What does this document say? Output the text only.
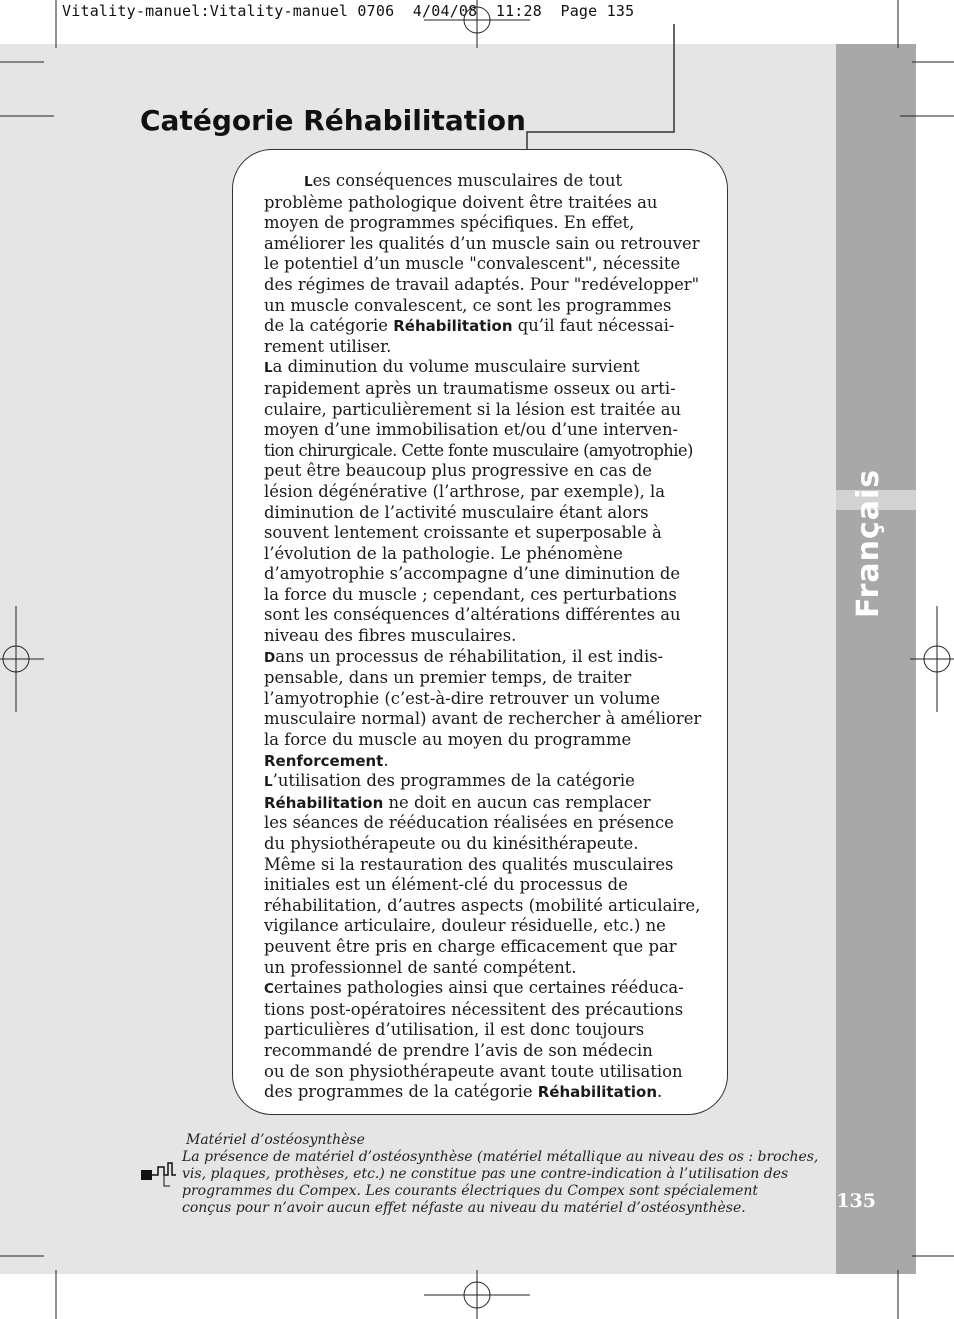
Vitality-manuel:Vitality-manuel 0706  4/04/08  11:28  Page 135
Français
135
Catégorie Réhabilitation
Les conséquences musculaires de tout
problème pathologique doivent être traitées au
moyen de programmes spécifiques. En effet,
améliorer les qualités d’un muscle sain ou retrouver
le potentiel d’un muscle "convalescent", nécessite
des régimes de travail adaptés. Pour "redévelopper"
un muscle convalescent, ce sont les programmes
de la catégorie Réhabilitation qu’il faut nécessai-
rement utiliser.
La diminution du volume musculaire survient
rapidement après un traumatisme osseux ou arti-
culaire, particulièrement si la lésion est traitée au
moyen d’une immobilisation et/ou d’une interven-
tion chirurgicale. Cette fonte musculaire (amyotrophie)
peut être beaucoup plus progressive en cas de
lésion dégénérative (l’arthrose, par exemple), la
diminution de l’activité musculaire étant alors
souvent lentement croissante et superposable à
l’évolution de la pathologie. Le phénomène
d’amyotrophie s’accompagne d’une diminution de
la force du muscle ; cependant, ces perturbations
sont les conséquences d’altérations différentes au
niveau des fibres musculaires.
Dans un processus de réhabilitation, il est indis-
pensable, dans un premier temps, de traiter
l’amyotrophie (c’est-à-dire retrouver un volume
musculaire normal) avant de rechercher à améliorer
la force du muscle au moyen du programme
Renforcement.
L’utilisation des programmes de la catégorie
Réhabilitation ne doit en aucun cas remplacer
les séances de rééducation réalisées en présence
du physiothérapeute ou du kinésithérapeute.
Même si la restauration des qualités musculaires
initiales est un élément-clé du processus de
réhabilitation, d’autres aspects (mobilité articulaire,
vigilance articulaire, douleur résiduelle, etc.) ne
peuvent être pris en charge efficacement que par
un professionnel de santé compétent.
Certaines pathologies ainsi que certaines rééduca-
tions post-opératoires nécessitent des précautions
particulières d’utilisation, il est donc toujours
recommandé de prendre l’avis de son médecin
ou de son physiothérapeute avant toute utilisation
des programmes de la catégorie Réhabilitation.
Matériel d’ostéosynthèse
La présence de matériel d’ostéosynthèse (matériel métallique au niveau des os : broches,
vis, plaques, prothèses, etc.) ne constitue pas une contre-indication à l’utilisation des
programmes du Compex. Les courants électriques du Compex sont spécialement
conçus pour n’avoir aucun effet néfaste au niveau du matériel d’ostéosynthèse.
